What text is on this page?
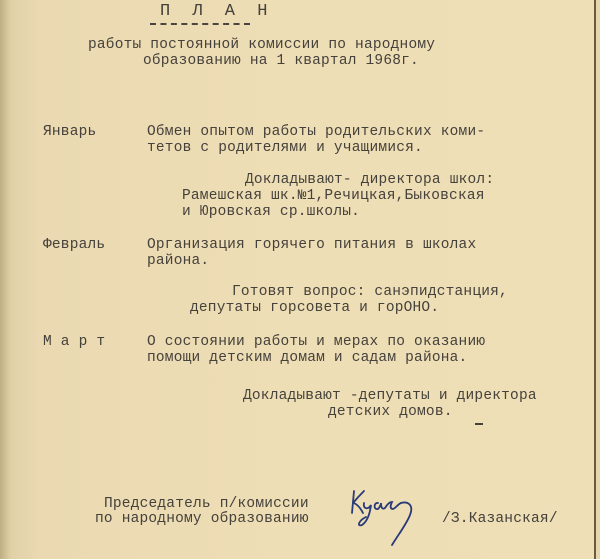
П Л А Н
работы постоянной комиссии по народному
образованию на 1 квартал 1968г.
Январь	Обмен опытом работы родительских коми-
тетов с родителями и учащимися.
Докладывают- директора школ:
Рамешская шк.№1,Речицкая,Быковская
и Юровская ср.школы.
Февраль	Организация горячего питания в школах
района.
Готовят вопрос: санэпидстанция,
депутаты горсовета и горОНО.
М а р т	О состоянии работы и мерах по оказанию
помощи детским домам и садам района.
Докладывают -депутаты и директора
детских домов.
Председатель п/комиссии
по народному образованию	/З.Казанская/
